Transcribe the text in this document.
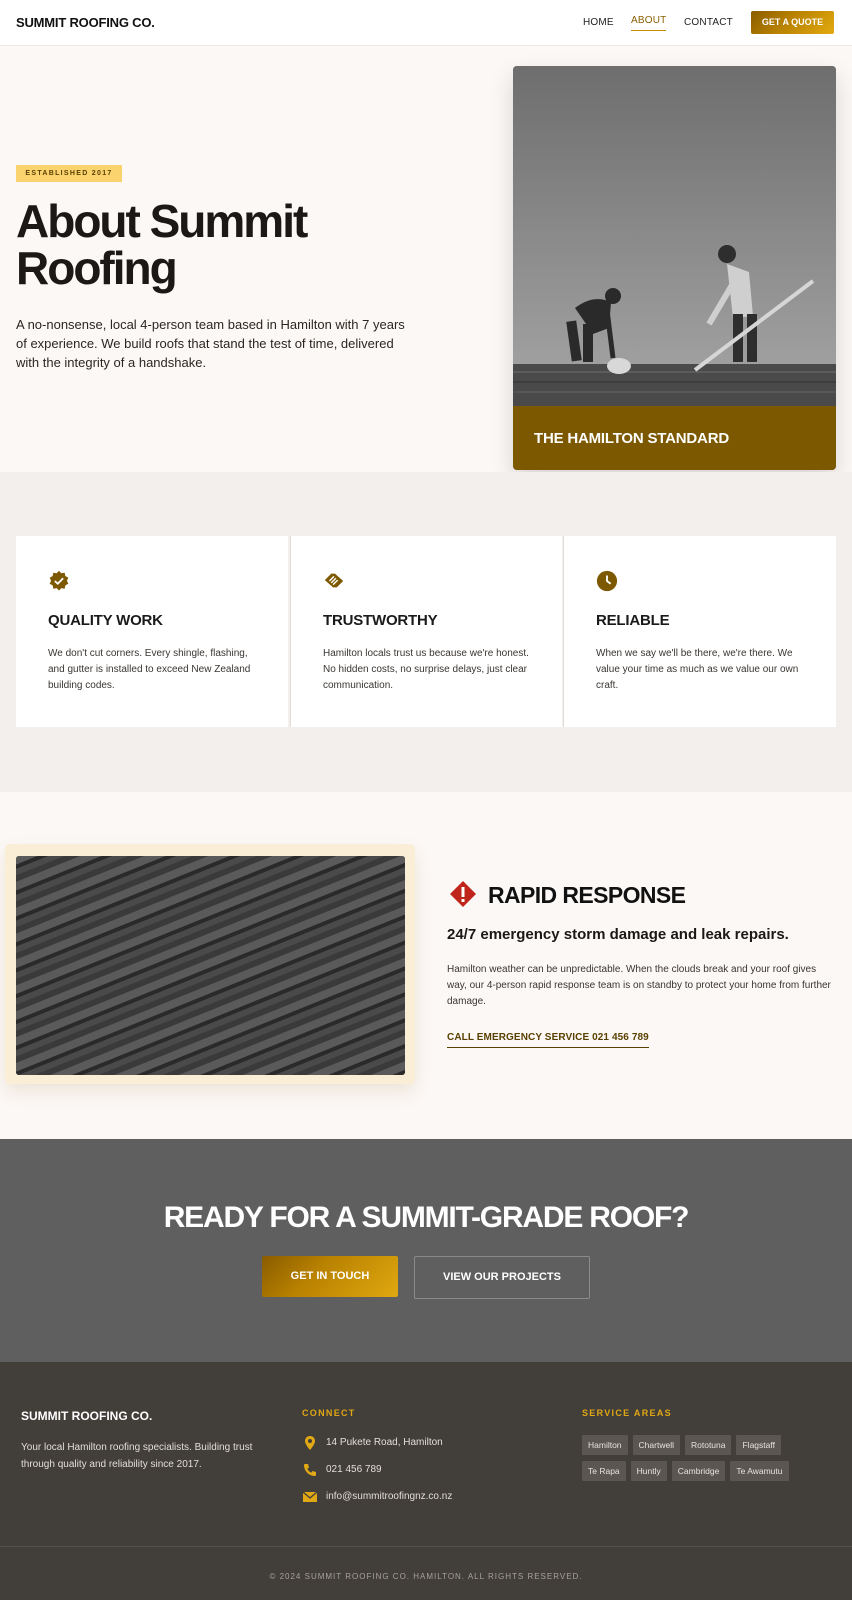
SUMMIT ROOFING CO.	HOME ABOUT CONTACT	GET A QUOTE
ESTABLISHED 2017
About Summit Roofing

A no-nonsense, local 4-person team based in Hamilton with 7 years of experience. We build roofs that stand the test of time, delivered with the integrity of a handshake.

THE HAMILTON STANDARD
QUALITY WORK
We don't cut corners. Every shingle, flashing, and gutter is installed to exceed New Zealand building codes.
TRUSTWORTHY
Hamilton locals trust us because we're honest. No hidden costs, no surprise delays, just clear communication.
RELIABLE
When we say we'll be there, we're there. We value your time as much as we value our own craft.
RAPID RESPONSE
24/7 emergency storm damage and leak repairs.

Hamilton weather can be unpredictable. When the clouds break and your roof gives way, our 4-person rapid response team is on standby to protect your home from further damage.

CALL EMERGENCY SERVICE 021 456 789
READY FOR A SUMMIT-GRADE ROOF?
GET IN TOUCH	VIEW OUR PROJECTS
SUMMIT ROOFING CO.

Your local Hamilton roofing specialists. Building trust through quality and reliability since 2017.

CONNECT
14 Pukete Road, Hamilton
021 456 789
info@summitroofingnz.co.nz
SERVICE AREAS
Hamilton Chartwell Rototuna Flagstaff
Te Rapa Huntly Cambridge Te Awamutu
© 2024 SUMMIT ROOFING CO. HAMILTON. ALL RIGHTS RESERVED.
